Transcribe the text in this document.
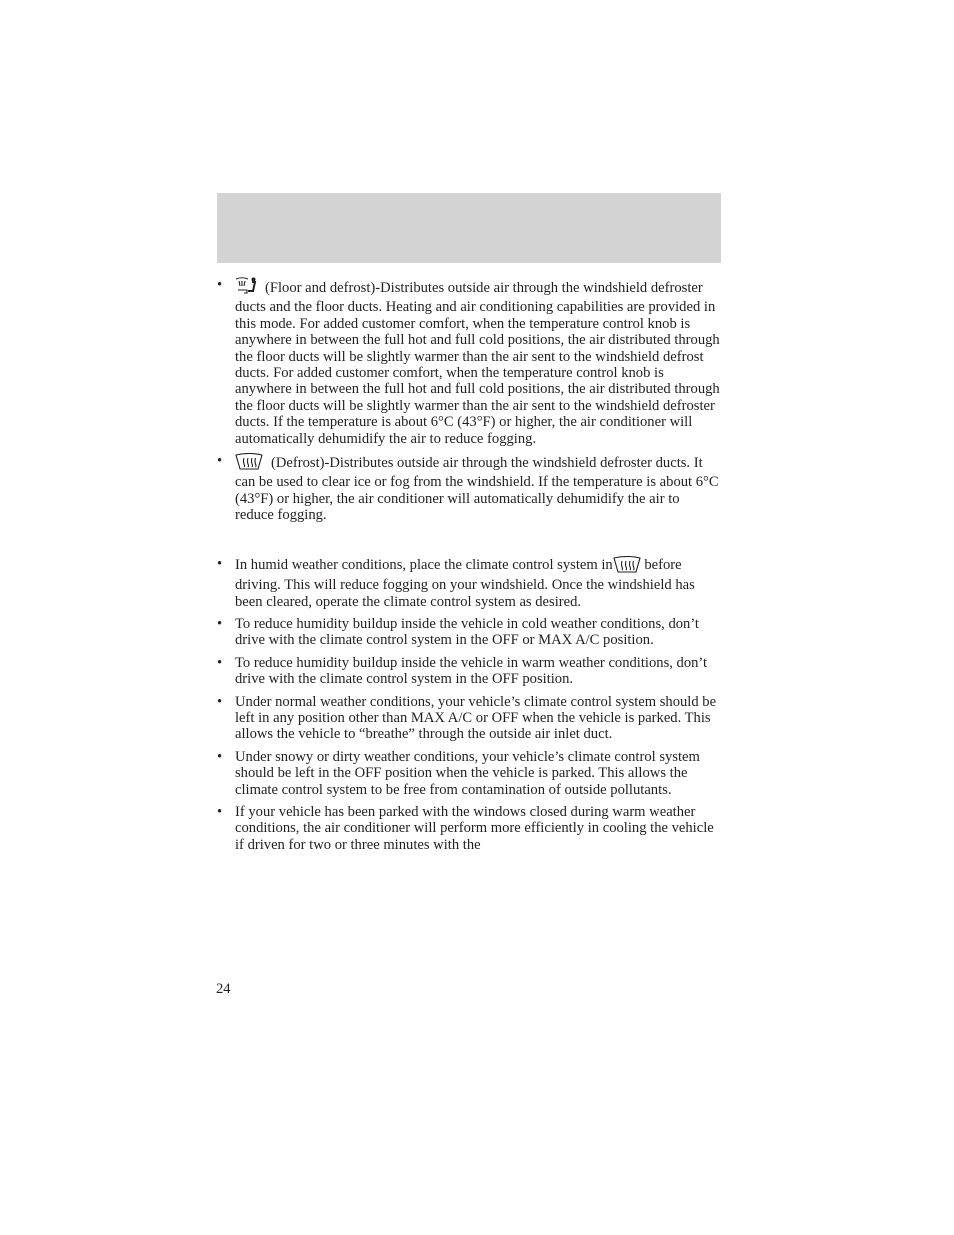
•	(Floor and defrost)-Distributes outside air through the windshield defroster ducts and the floor ducts. Heating and air conditioning capabilities are provided in this mode. For added customer comfort, when the temperature control knob is anywhere in between the full hot and full cold positions, the air distributed through the floor ducts will be slightly warmer than the air sent to the windshield defrost ducts. For added customer comfort, when the temperature control knob is anywhere in between the full hot and full cold positions, the air distributed through the floor ducts will be slightly warmer than the air sent to the windshield defroster ducts. If the temperature is about 6°C (43°F) or higher, the air conditioner will automatically dehumidify the air to reduce fogging.

•	(Defrost)-Distributes outside air through the windshield defroster ducts. It can be used to clear ice or fog from the windshield. If the temperature is about 6°C (43°F) or higher, the air conditioner will automatically dehumidify the air to reduce fogging.

• In humid weather conditions, place the climate control system in before driving. This will reduce fogging on your windshield. Once the windshield has been cleared, operate the climate control system as desired.

• To reduce humidity buildup inside the vehicle in cold weather conditions, don’t drive with the climate control system in the OFF or MAX A/C position.

• To reduce humidity buildup inside the vehicle in warm weather conditions, don’t drive with the climate control system in the OFF position.

• Under normal weather conditions, your vehicle’s climate control system should be left in any position other than MAX A/C or OFF when the vehicle is parked. This allows the vehicle to “breathe” through the outside air inlet duct.

• Under snowy or dirty weather conditions, your vehicle’s climate control system should be left in the OFF position when the vehicle is parked. This allows the climate control system to be free from contamination of outside pollutants.

• If your vehicle has been parked with the windows closed during warm weather conditions, the air conditioner will perform more efficiently in cooling the vehicle if driven for two or three minutes with the

24
